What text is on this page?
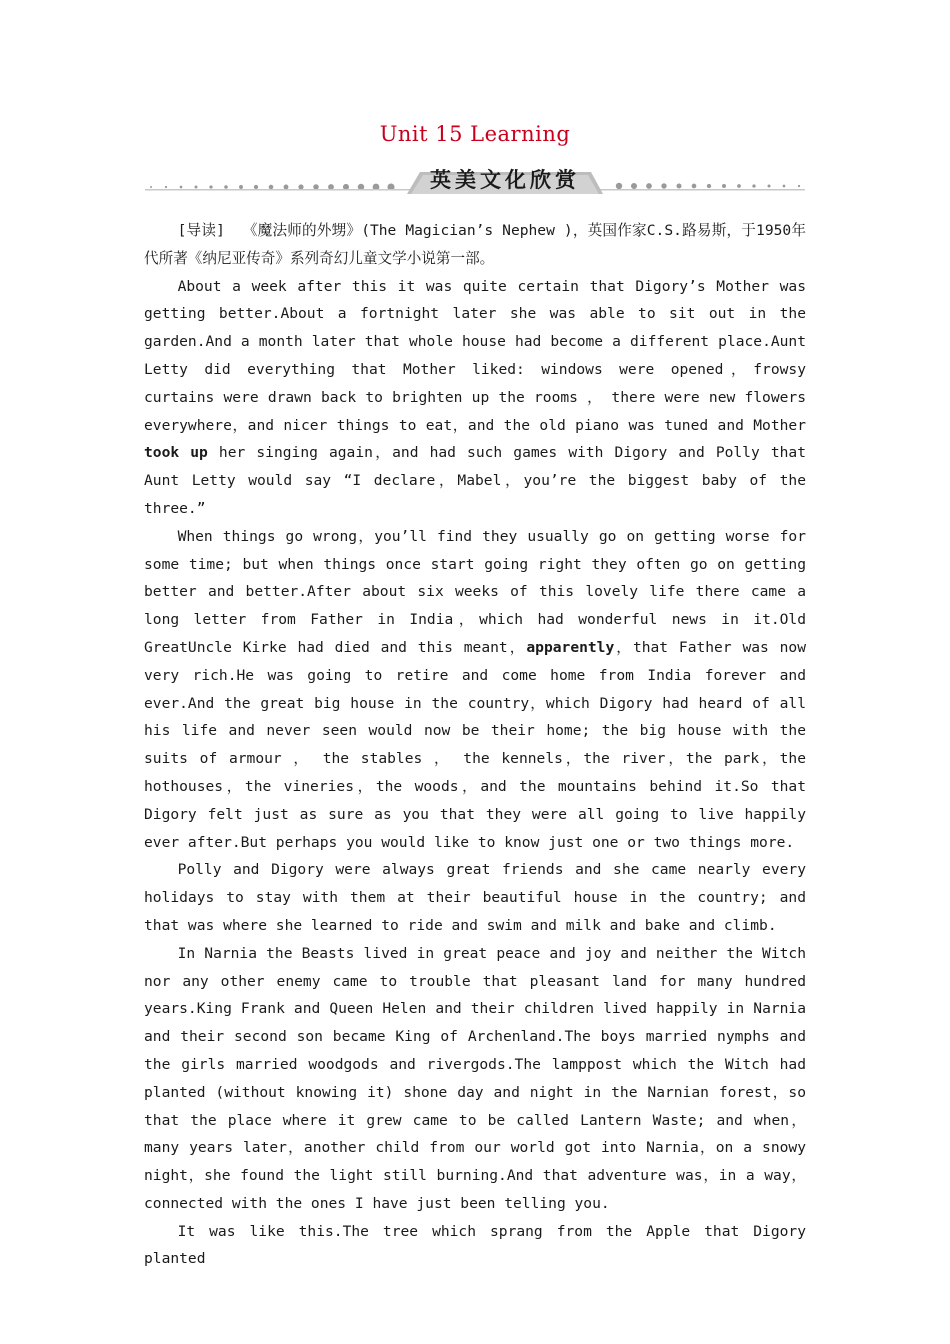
Unit 15 Learning
英美文化欣赏

[导读] 《魔法师的外甥》(The Magician’s Nephew )，英国作家C.S.路易斯，于1950年代所著《纳尼亚传奇》系列奇幻儿童文学小说第一部。

About a week after this it was quite certain that Digory’s Mother was getting better.About a fortnight later she was able to sit out in the garden.And a month later that whole house had become a different place.Aunt Letty did everything that Mother liked: windows were opened，frowsy curtains were drawn back to brighten up the rooms ， there were new flowers everywhere，and nicer things to eat，and the old piano was tuned and Mother took up her singing again，and had such games with Digory and Polly that Aunt Letty would say “I declare，Mabel，you’re the biggest baby of the three.”

When things go wrong，you’ll find they usually go on getting worse for some time; but when things once start going right they often go on getting better and better.After about six weeks of this lovely life there came a long letter from Father in India，which had wonderful news in it.Old GreatUncle Kirke had died and this meant，apparently，that Father was now very rich.He was going to retire and come home from India forever and ever.And the great big house in the country，which Digory had heard of all his life and never seen would now be their home; the big house with the suits of armour ， the stables ， the kennels，the river，the park，the hothouses，the vineries，the woods，and the mountains behind it.So that Digory felt just as sure as you that they were all going to live happily ever after.But perhaps you would like to know just one or two things more.

Polly and Digory were always great friends and she came nearly every holidays to stay with them at their beautiful house in the country; and that was where she learned to ride and swim and milk and bake and climb.

In Narnia the Beasts lived in great peace and joy and neither the Witch nor any other enemy came to trouble that pleasant land for many hundred years.King Frank and Queen Helen and their children lived happily in Narnia and their second son became King of Archenland.The boys married nymphs and the girls married woodgods and rivergods.The lamppost which the Witch had planted (without knowing it) shone day and night in the Narnian forest，so that the place where it grew came to be called Lantern Waste; and when，many years later，another child from our world got into Narnia，on a snowy night，she found the light still burning.And that adventure was，in a way，connected with the ones I have just been telling you.

It was like this.The tree which sprang from the Apple that Digory planted
